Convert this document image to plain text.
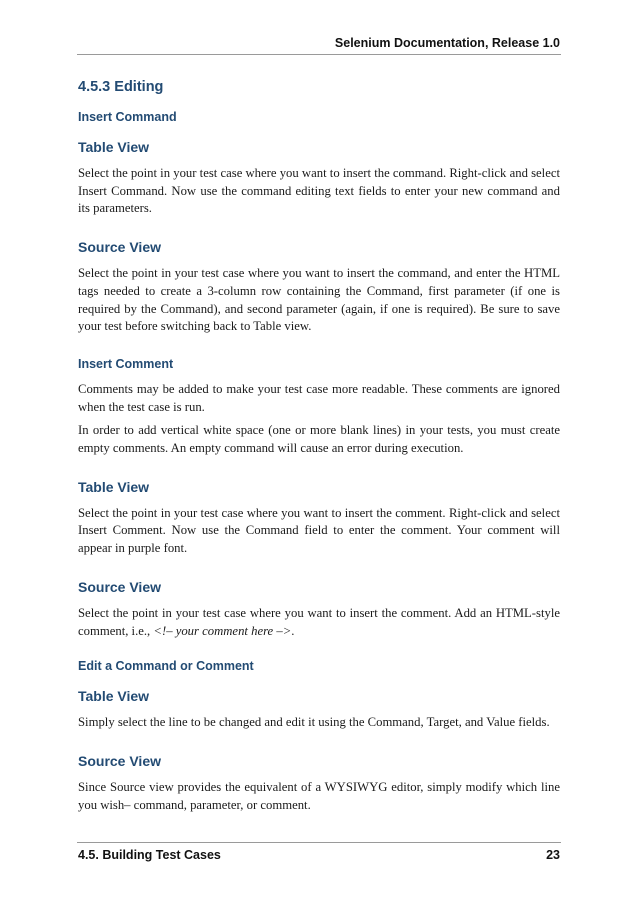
Selenium Documentation, Release 1.0
4.5.3 Editing
Insert Command
Table View

Select the point in your test case where you want to insert the command. Right-click and select Insert Command. Now use the command editing text fields to enter your new command and its parameters.

Source View

Select the point in your test case where you want to insert the command, and enter the HTML tags needed to create a 3-column row containing the Command, first parameter (if one is required by the Command), and second parameter (again, if one is required). Be sure to save your test before switching back to Table view.

Insert Comment

Comments may be added to make your test case more readable. These comments are ignored when the test case is run.

In order to add vertical white space (one or more blank lines) in your tests, you must create empty comments. An empty command will cause an error during execution.

Table View

Select the point in your test case where you want to insert the comment. Right-click and select Insert Comment. Now use the Command field to enter the comment. Your comment will appear in purple font.

Source View

Select the point in your test case where you want to insert the comment. Add an HTML-style comment, i.e., <!– your comment here –>.

Edit a Command or Comment
Table View

Simply select the line to be changed and edit it using the Command, Target, and Value fields.

Source View

Since Source view provides the equivalent of a WYSIWYG editor, simply modify which line you wish– command, parameter, or comment.

4.5. Building Test Cases	23
